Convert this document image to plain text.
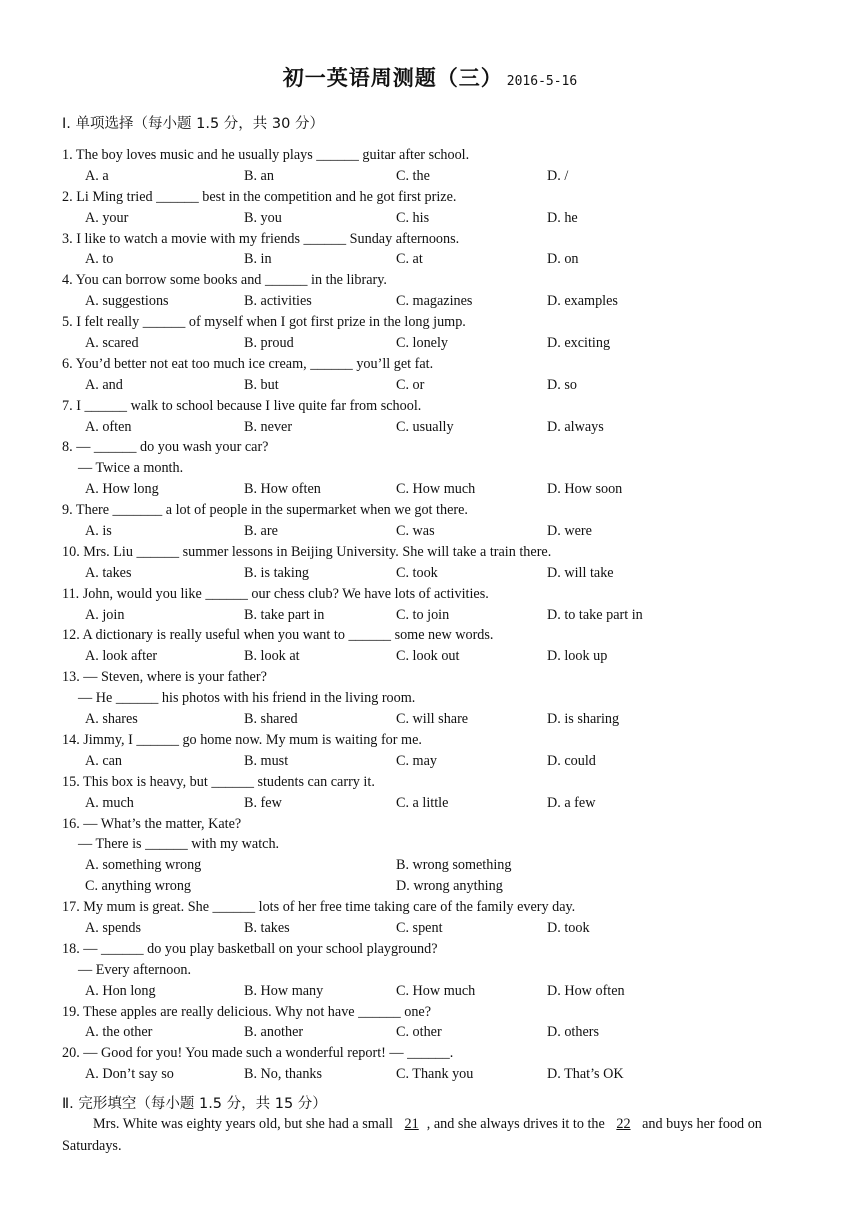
初一英语周测题（三） 2016-5-16
Ⅰ. 单项选择（每小题 1.5 分，共 30 分）
1. The boy loves music and he usually plays ______ guitar after school.
A. a	B. an	C. the	D. /
2. Li Ming tried ______ best in the competition and he got first prize.
A. your	B. you	C. his	D. he
3. I like to watch a movie with my friends ______ Sunday afternoons.
A. to	B. in	C. at	D. on
4. You can borrow some books and ______ in the library.
A. suggestions	B. activities	C. magazines	D. examples
5. I felt really ______ of myself when I got first prize in the long jump.
A. scared	B. proud	C. lonely	D. exciting
6. You’d better not eat too much ice cream, ______ you’ll get fat.
A. and	B. but	C. or	D. so
7. I ______ walk to school because I live quite far from school.
A. often	B. never	C. usually	D. always
8. — ______ do you wash your car?
— Twice a month.
A. How long	B. How often	C. How much	D. How soon
9. There _______ a lot of people in the supermarket when we got there.
A. is	B. are	C. was	D. were
10. Mrs. Liu ______ summer lessons in Beijing University. She will take a train there.
A. takes	B. is taking	C. took	D. will take
11. John, would you like ______ our chess club? We have lots of activities.
A. join	B. take part in	C. to join	D. to take part in
12. A dictionary is really useful when you want to ______ some new words.
A. look after	B. look at	C. look out	D. look up
13. — Steven, where is your father?
— He ______ his photos with his friend in the living room.
A. shares	B. shared	C. will share	D. is sharing
14. Jimmy, I ______ go home now. My mum is waiting for me.
A. can	B. must	C. may	D. could
15. This box is heavy, but ______ students can carry it.
A. much	B. few	C. a little	D. a few
16. — What’s the matter, Kate?
— There is ______ with my watch.
A. something wrong	B. wrong something
C. anything wrong	D. wrong anything
17. My mum is great. She ______ lots of her free time taking care of the family every day.
A. spends	B. takes	C. spent	D. took
18. — ______ do you play basketball on your school playground?
— Every afternoon.
A. Hon long	B. How many	C. How much	D. How often
19. These apples are really delicious. Why not have ______ one?
A. the other	B. another	C. other	D. others
20. — Good for you! You made such a wonderful report! — ______.
A. Don’t say so	B. No, thanks	C. Thank you	D. That’s OK
Ⅱ. 完形填空（每小题 1.5 分，共 15 分）
Mrs. White was eighty years old, but she had a small 21 , and she always drives it to the 22 and buys her food on Saturdays.
